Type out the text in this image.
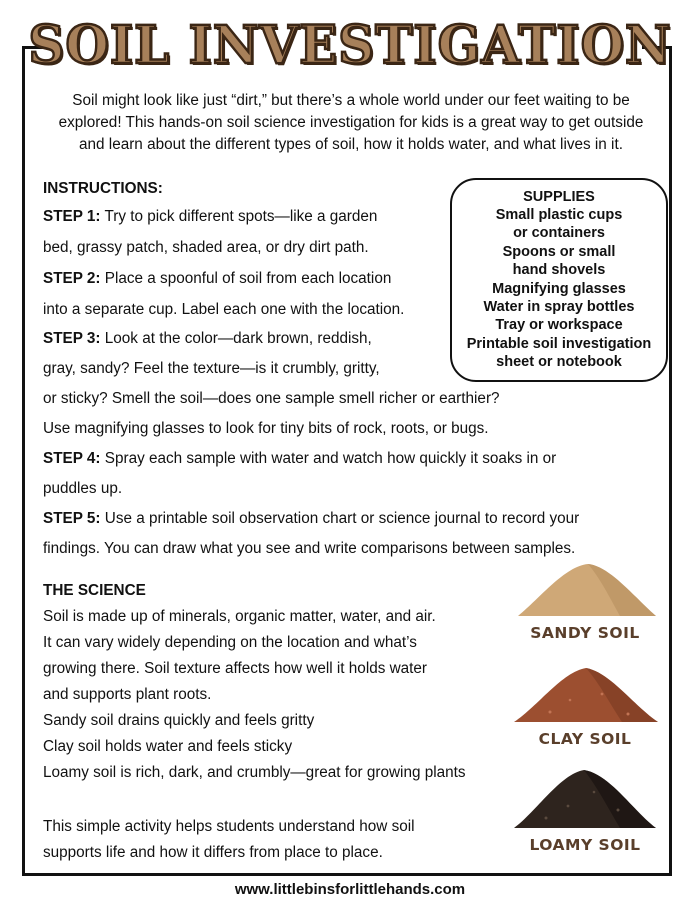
SOIL INVESTIGATION
Soil might look like just “dirt,” but there’s a whole world under our feet waiting to be explored! This hands-on soil science investigation for kids is a great way to get outside and learn about the different types of soil, how it holds water, and what lives in it.
INSTRUCTIONS:
STEP 1: Try to pick different spots—like a garden
bed, grassy patch, shaded area, or dry dirt path.
STEP 2: Place a spoonful of soil from each location
into a separate cup. Label each one with the location.
STEP 3: Look at the color—dark brown, reddish,
gray, sandy? Feel the texture—is it crumbly, gritty,
or sticky? Smell the soil—does one sample smell richer or earthier?
Use magnifying glasses to look for tiny bits of rock, roots, or bugs.
STEP 4: Spray each sample with water and watch how quickly it soaks in or
puddles up.
STEP 5: Use a printable soil observation chart or science journal to record your
findings. You can draw what you see and write comparisons between samples.
SUPPLIES
Small plastic cups
or containers
Spoons or small
hand shovels
Magnifying glasses
Water in spray bottles
Tray or workspace
Printable soil investigation
sheet or notebook
THE SCIENCE
Soil is made up of minerals, organic matter, water, and air.
It can vary widely depending on the location and what’s
growing there. Soil texture affects how well it holds water
and supports plant roots.
Sandy soil drains quickly and feels gritty
Clay soil holds water and feels sticky
Loamy soil is rich, dark, and crumbly—great for growing plants
This simple activity helps students understand how soil
supports life and how it differs from place to place.
SANDY SOIL
CLAY SOIL
LOAMY SOIL
www.littlebinsforlittlehands.com
